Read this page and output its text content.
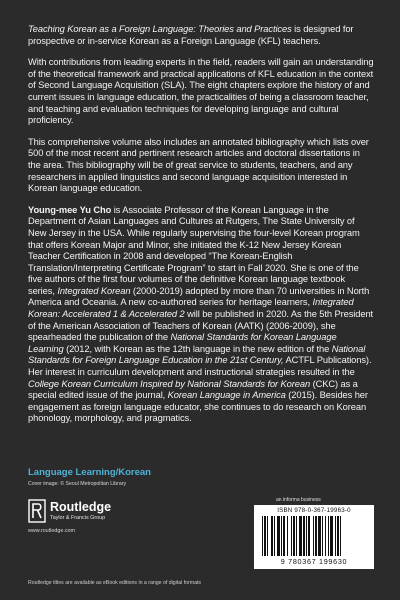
Teaching Korean as a Foreign Language: Theories and Practices is designed for prospective or in-service Korean as a Foreign Language (KFL) teachers.

With contributions from leading experts in the field, readers will gain an understanding of the theoretical framework and practical applications of KFL education in the context of Second Language Acquisition (SLA). The eight chapters explore the history of and current issues in language education, the practicalities of being a classroom teacher, and teaching and evaluation techniques for developing language and cultural proficiency.

This comprehensive volume also includes an annotated bibliography which lists over 500 of the most recent and pertinent research articles and doctoral dissertations in the area. This bibliography will be of great service to students, teachers, and any researchers in applied linguistics and second language acquisition interested in Korean language education.

Young-mee Yu Cho is Associate Professor of the Korean Language in the Department of Asian Languages and Cultures at Rutgers, The State University of New Jersey in the USA. While regularly supervising the four-level Korean program that offers Korean Major and Minor, she initiated the K-12 New Jersey Korean Teacher Certification in 2008 and developed “The Korean-English Translation/Interpreting Certificate Program” to start in Fall 2020. She is one of the five authors of the first four volumes of the definitive Korean language textbook series, Integrated Korean (2000-2019) adopted by more than 70 universities in North America and Oceania. A new co-authored series for heritage learners, Integrated Korean: Accelerated 1 & Accelerated 2 will be published in 2020. As the 5th President of the American Association of Teachers of Korean (AATK) (2006-2009), she spearheaded the publication of the National Standards for Korean Language Learning (2012, with Korean as the 12th language in the new edition of the National Standards for Foreign Language Education in the 21st Century, ACTFL Publications). Her interest in curriculum development and instructional strategies resulted in the College Korean Curriculum Inspired by National Standards for Korean (CKC) as a special edited issue of the journal, Korean Language in America (2015). Besides her engagement as foreign language educator, she continues to do research on Korean phonology, morphology, and pragmatics.

Language Learning/Korean
Cover image: © Seoul Metropolitan Library
Routledge
Taylor & Francis Group
www.routledge.com
an informa business
ISBN 978-0-367-19963-0
9 780367 199630
Routledge titles are available as eBook editions in a range of digital formats
